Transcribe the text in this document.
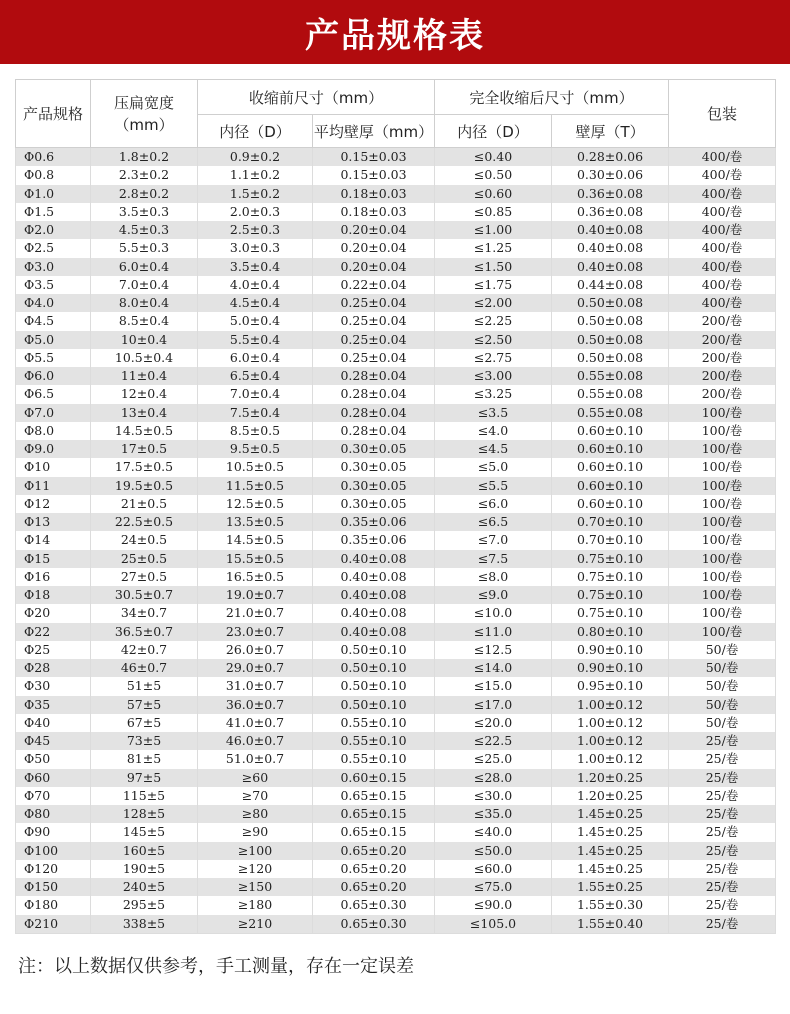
产品规格表
产品规格	压扁宽度（mm）	收缩前尺寸（mm）		完全收缩后尺寸（mm）		包装
		内径（D）	平均壁厚（mm）	内径（D）	壁厚（T）	
Φ0.6	1.8±0.2	0.9±0.2	0.15±0.03	≤0.40	0.28±0.06	400/卷
Φ0.8	2.3±0.2	1.1±0.2	0.15±0.03	≤0.50	0.30±0.06	400/卷
Φ1.0	2.8±0.2	1.5±0.2	0.18±0.03	≤0.60	0.36±0.08	400/卷
Φ1.5	3.5±0.3	2.0±0.3	0.18±0.03	≤0.85	0.36±0.08	400/卷
Φ2.0	4.5±0.3	2.5±0.3	0.20±0.04	≤1.00	0.40±0.08	400/卷
Φ2.5	5.5±0.3	3.0±0.3	0.20±0.04	≤1.25	0.40±0.08	400/卷
Φ3.0	6.0±0.4	3.5±0.4	0.20±0.04	≤1.50	0.40±0.08	400/卷
Φ3.5	7.0±0.4	4.0±0.4	0.22±0.04	≤1.75	0.44±0.08	400/卷
Φ4.0	8.0±0.4	4.5±0.4	0.25±0.04	≤2.00	0.50±0.08	400/卷
Φ4.5	8.5±0.4	5.0±0.4	0.25±0.04	≤2.25	0.50±0.08	200/卷
Φ5.0	10±0.4	5.5±0.4	0.25±0.04	≤2.50	0.50±0.08	200/卷
Φ5.5	10.5±0.4	6.0±0.4	0.25±0.04	≤2.75	0.50±0.08	200/卷
Φ6.0	11±0.4	6.5±0.4	0.28±0.04	≤3.00	0.55±0.08	200/卷
Φ6.5	12±0.4	7.0±0.4	0.28±0.04	≤3.25	0.55±0.08	200/卷
Φ7.0	13±0.4	7.5±0.4	0.28±0.04	≤3.5	0.55±0.08	100/卷
Φ8.0	14.5±0.5	8.5±0.5	0.28±0.04	≤4.0	0.60±0.10	100/卷
Φ9.0	17±0.5	9.5±0.5	0.30±0.05	≤4.5	0.60±0.10	100/卷
Φ10	17.5±0.5	10.5±0.5	0.30±0.05	≤5.0	0.60±0.10	100/卷
Φ11	19.5±0.5	11.5±0.5	0.30±0.05	≤5.5	0.60±0.10	100/卷
Φ12	21±0.5	12.5±0.5	0.30±0.05	≤6.0	0.60±0.10	100/卷
Φ13	22.5±0.5	13.5±0.5	0.35±0.06	≤6.5	0.70±0.10	100/卷
Φ14	24±0.5	14.5±0.5	0.35±0.06	≤7.0	0.70±0.10	100/卷
Φ15	25±0.5	15.5±0.5	0.40±0.08	≤7.5	0.75±0.10	100/卷
Φ16	27±0.5	16.5±0.5	0.40±0.08	≤8.0	0.75±0.10	100/卷
Φ18	30.5±0.7	19.0±0.7	0.40±0.08	≤9.0	0.75±0.10	100/卷
Φ20	34±0.7	21.0±0.7	0.40±0.08	≤10.0	0.75±0.10	100/卷
Φ22	36.5±0.7	23.0±0.7	0.40±0.08	≤11.0	0.80±0.10	100/卷
Φ25	42±0.7	26.0±0.7	0.50±0.10	≤12.5	0.90±0.10	50/卷
Φ28	46±0.7	29.0±0.7	0.50±0.10	≤14.0	0.90±0.10	50/卷
Φ30	51±5	31.0±0.7	0.50±0.10	≤15.0	0.95±0.10	50/卷
Φ35	57±5	36.0±0.7	0.50±0.10	≤17.0	1.00±0.12	50/卷
Φ40	67±5	41.0±0.7	0.55±0.10	≤20.0	1.00±0.12	50/卷
Φ45	73±5	46.0±0.7	0.55±0.10	≤22.5	1.00±0.12	25/卷
Φ50	81±5	51.0±0.7	0.55±0.10	≤25.0	1.00±0.12	25/卷
Φ60	97±5	≥60	0.60±0.15	≤28.0	1.20±0.25	25/卷
Φ70	115±5	≥70	0.65±0.15	≤30.0	1.20±0.25	25/卷
Φ80	128±5	≥80	0.65±0.15	≤35.0	1.45±0.25	25/卷
Φ90	145±5	≥90	0.65±0.15	≤40.0	1.45±0.25	25/卷
Φ100	160±5	≥100	0.65±0.20	≤50.0	1.45±0.25	25/卷
Φ120	190±5	≥120	0.65±0.20	≤60.0	1.45±0.25	25/卷
Φ150	240±5	≥150	0.65±0.20	≤75.0	1.55±0.25	25/卷
Φ180	295±5	≥180	0.65±0.30	≤90.0	1.55±0.30	25/卷
Φ210	338±5	≥210	0.65±0.30	≤105.0	1.55±0.40	25/卷
注：以上数据仅供参考，手工测量，存在一定误差
